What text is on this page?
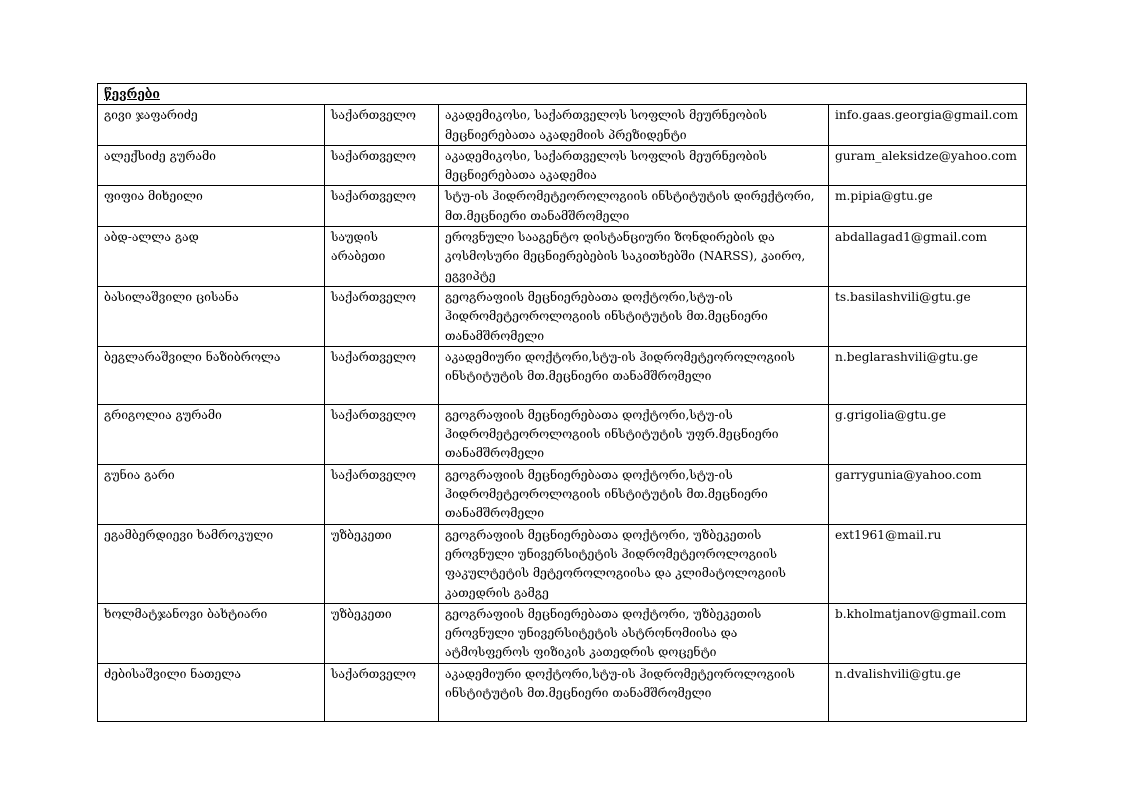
წევრები			
გივი ჯაფარიძე	საქართველო	აკადემიკოსი, საქართველოს სოფლის მეურნეობის მეცნიერებათა აკადემიის პრეზიდენტი	info.gaas.georgia@gmail.com
ალექსიძე გურამი	საქართველო	აკადემიკოსი, საქართველოს სოფლის მეურნეობის მეცნიერებათა აკადემია	guram_aleksidze@yahoo.com
ფიფია მიხეილი	საქართველო	სტუ-ის ჰიდრომეტეოროლოგიის ინსტიტუტის დირექტორი, მთ.მეცნიერი თანამშრომელი	m.pipia@gtu.ge
აბდ-ალლა გად	საუდის არაბეთი	ეროვნული სააგენტო დისტანციური ზონდირების და კოსმოსური მეცნიერებების საკითხებში (NARSS), კაირო, ეგვიპტე	abdallagad1@gmail.com
ბასილაშვილი ცისანა	საქართველო	გეოგრაფიის მეცნიერებათა დოქტორი,სტუ-ის ჰიდრომეტეოროლოგიის ინსტიტუტის მთ.მეცნიერი თანამშრომელი	ts.basilashvili@gtu.ge
ბეგლარაშვილი ნაზიბროლა	საქართველო	აკადემიური დოქტორი,სტუ-ის ჰიდრომეტეოროლოგიის ინსტიტუტის მთ.მეცნიერი თანამშრომელი	n.beglarashvili@gtu.ge
გრიგოლია გურამი	საქართველო	გეოგრაფიის მეცნიერებათა დოქტორი,სტუ-ის ჰიდრომეტეოროლოგიის ინსტიტუტის უფრ.მეცნიერი თანამშრომელი	g.grigolia@gtu.ge
გუნია გარი	საქართველო	გეოგრაფიის მეცნიერებათა დოქტორი,სტუ-ის ჰიდრომეტეოროლოგიის ინსტიტუტის მთ.მეცნიერი თანამშრომელი	garrygunia@yahoo.com
ეგამბერდიევი ხამროკული	უზბეკეთი	გეოგრაფიის მეცნიერებათა დოქტორი, უზბეკეთის ეროვნული უნივერსიტეტის ჰიდრომეტეოროლოგიის ფაკულტეტის მეტეოროლოგიისა და კლიმატოლოგიის კათედრის გამგე	ext1961@mail.ru
ხოლმატჯანოვი ბახტიარი	უზბეკეთი	გეოგრაფიის მეცნიერებათა დოქტორი, უზბეკეთის ეროვნული უნივერსიტეტის ასტრონომიისა და ატმოსფეროს ფიზიკის კათედრის დოცენტი	b.kholmatjanov@gmail.com
ძებისაშვილი ნათელა	საქართველო	აკადემიური დოქტორი,სტუ-ის ჰიდრომეტეოროლოგიის ინსტიტუტის მთ.მეცნიერი თანამშრომელი	n.dvalishvili@gtu.ge
